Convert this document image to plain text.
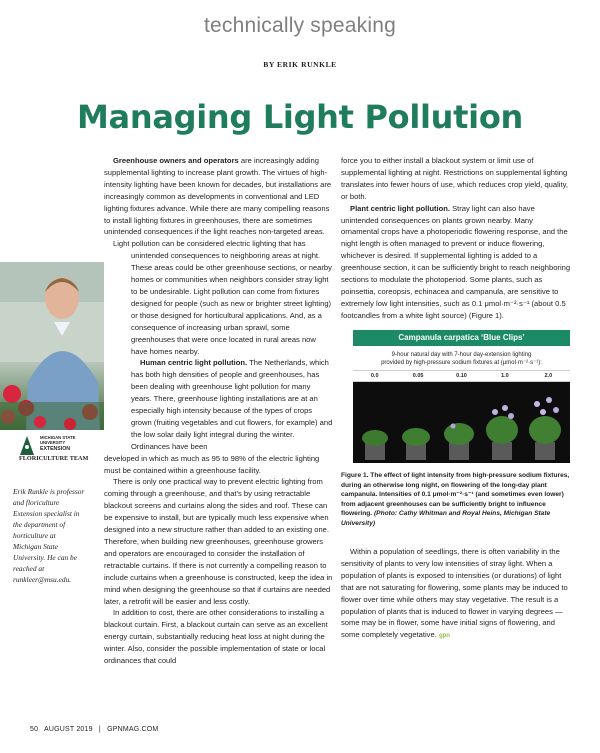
technically speaking
BY ERIK RUNKLE
Managing Light Pollution

Greenhouse owners and operators are increasingly adding supplemental lighting to increase plant growth. The virtues of high-intensity lighting have been known for decades, but installations are increasingly common as developments in conventional and LED lighting fixtures advance. While there are many compelling reasons to install lighting fixtures in greenhouses, there are sometimes unintended consequences if the light reaches non-targeted areas.

Light pollution can be considered electric lighting that has

unintended consequences to neighboring areas at night. These areas could be other greenhouse sections, or nearby homes or communities when neighbors consider stray light to be undesirable. Light pollution can come from fixtures designed for people (such as new or brighter street lighting) or those designed for horticultural applications. And, as a consequence of increasing urban sprawl, some greenhouses that were once located in rural areas now have homes nearby.

Human centric light pollution. The Netherlands, which has both high densities of people and greenhouses, has been dealing with greenhouse light pollution for many years. There, greenhouse lighting installations are at an especially high intensity because of the types of crops grown (fruiting vegetables and cut flowers, for example) and the low solar daily light integral during the winter. Ordinances have been

developed in which as much as 95 to 98% of the electric lighting must be contained within a greenhouse facility.

There is only one practical way to prevent electric lighting from coming through a greenhouse, and that's by using retractable blackout screens and curtains along the sides and roof. These can be expensive to install, but are typically much less expensive when designed into a new structure rather than added to an existing one. Therefore, when building new greenhouses, greenhouse growers and operators are encouraged to consider the installation of retractable curtains. If there is not currently a compelling reason to include curtains when a greenhouse is constructed, keep the idea in mind when designing the greenhouse so that if curtains are needed later, a retrofit will be easier and less costly.

In addition to cost, there are other considerations to installing a blackout curtain. First, a blackout curtain can serve as an excellent energy curtain, substantially reducing heat loss at night during the winter. Also, consider the possible implementation of state or local ordinances that could

MICHIGAN STATE
UNIVERSITY
EXTENSION
FLORICULTURE TEAM
Erik Runkle is professor and floriculture Extension specialist in the department of horticulture at Michigan State University. He can be reached at runkleer@msu.edu.

force you to either install a blackout system or limit use of supplemental lighting at night. Restrictions on supplemental lighting translates into fewer hours of use, which reduces crop yield, quality, or both.

Plant centric light pollution. Stray light can also have unintended consequences on plants grown nearby. Many ornamental crops have a photoperiodic flowering response, and the night length is often managed to prevent or induce flowering, whichever is desired. If supplemental lighting is added to a greenhouse section, it can be sufficiently bright to reach neighboring sections to modulate the photoperiod. Some plants, such as poinsettia, coreopsis, echinacea and campanula, are sensitive to extremely low light intensities, such as 0.1 μmol·m⁻²·s⁻¹ (about 0.5 footcandles from a white light source) (Figure 1).

Campanula carpatica ‘Blue Clips’
9-hour natural day with 7-hour day-extension lighting
provided by high-pressure sodium fixtures at (μmol·m⁻²·s⁻¹):
0.0	0.05	0.10	1.0	2.0
Figure 1. The effect of light intensity from high-pressure sodium fixtures, during an otherwise long night, on flowering of the long-day plant campanula. Intensities of 0.1 μmol·m⁻²·s⁻¹ (and sometimes even lower) from adjacent greenhouses can be sufficiently bright to influence flowering. (Photo: Cathy Whitman and Royal Heins, Michigan State University)

Within a population of seedlings, there is often variability in the sensitivity of plants to very low intensities of stray light. When a population of plants is exposed to intensities (or durations) of light that are not saturating for flowering, some plants may be induced to flower over time while others may stay vegetative. The result is a population of plants that is induced to flower in varying degrees — some may be in flower, some have initial signs of flowering, and some completely vegetative. gpn

50 AUGUST 2019 | GPNMAG.COM
